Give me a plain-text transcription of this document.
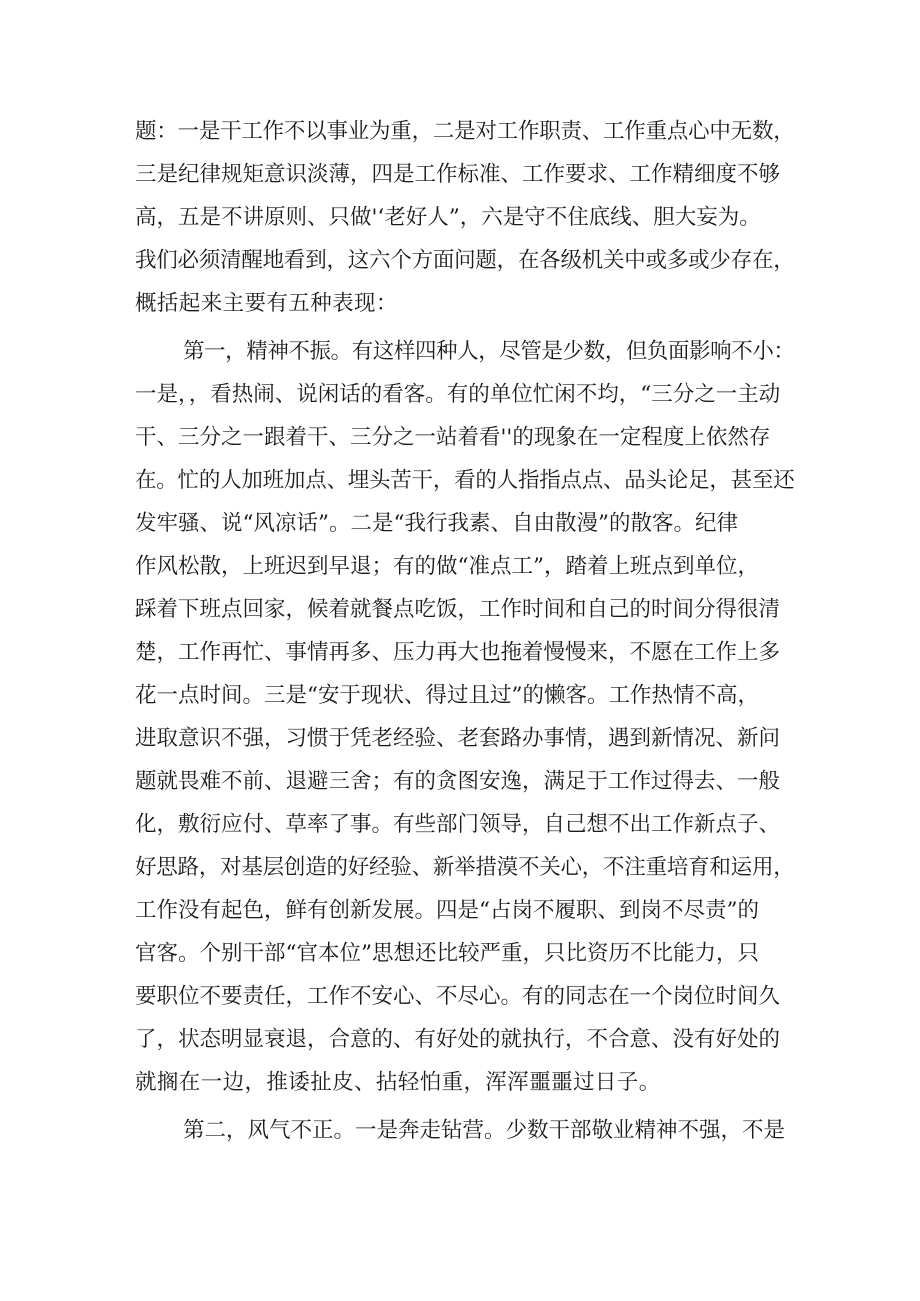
题：一是干工作不以事业为重，二是对工作职责、工作重点心中无数，
三是纪律规矩意识淡薄，四是工作标准、工作要求、工作精细度不够
高，五是不讲原则、只做'‘老好人”，六是守不住底线、胆大妄为。
我们必须清醒地看到，这六个方面问题，在各级机关中或多或少存在，
概括起来主要有五种表现：
第一，精神不振。有这样四种人，尽管是少数，但负面影响不小：
一是，，看热闹、说闲话的看客。有的单位忙闲不均，“三分之一主动
干、三分之一跟着干、三分之一站着看''的现象在一定程度上依然存
在。忙的人加班加点、埋头苦干，看的人指指点点、品头论足，甚至还
发牢骚、说“风凉话”。二是“我行我素、自由散漫”的散客。纪律
作风松散，上班迟到早退；有的做“准点工”，踏着上班点到单位，
踩着下班点回家，候着就餐点吃饭，工作时间和自己的时间分得很清
楚，工作再忙、事情再多、压力再大也拖着慢慢来，不愿在工作上多
花一点时间。三是“安于现状、得过且过”的懒客。工作热情不高，
进取意识不强，习惯于凭老经验、老套路办事情，遇到新情况、新问
题就畏难不前、退避三舍；有的贪图安逸，满足于工作过得去、一般
化，敷衍应付、草率了事。有些部门领导，自己想不出工作新点子、
好思路，对基层创造的好经验、新举措漠不关心，不注重培育和运用，
工作没有起色，鲜有创新发展。四是“占岗不履职、到岗不尽责”的
官客。个别干部“官本位”思想还比较严重，只比资历不比能力，只
要职位不要责任，工作不安心、不尽心。有的同志在一个岗位时间久
了，状态明显衰退，合意的、有好处的就执行，不合意、没有好处的
就搁在一边，推诿扯皮、拈轻怕重，浑浑噩噩过日子。
第二，风气不正。一是奔走钻营。少数干部敬业精神不强，不是
